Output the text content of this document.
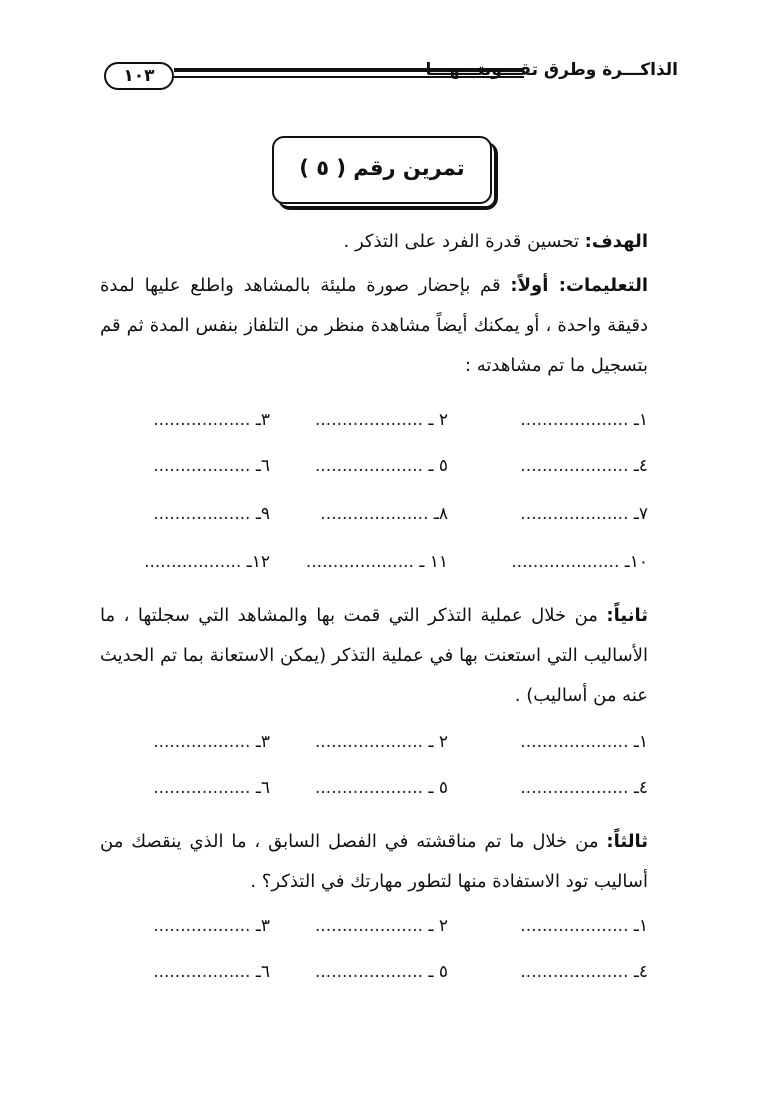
١٠٣	الذاكـــرة وطرق تقـــويتـــهـــا
تمرين رقم ( ٥ )
الهدف: تحسين قدرة الفرد على التذكر .
التعليمات: أولاً: قم بإحضار صورة مليئة بالمشاهد واطلع عليها لمدة دقيقة واحدة ، أو يمكنك أيضاً مشاهدة منظر من التلفاز بنفس المدة ثم قم بتسجيل ما تم مشاهدته :
١ـ ....................
٢ ـ ....................
٣ـ ..................
٤ـ ....................
٥ ـ ....................
٦ـ ..................
٧ـ ....................
٨ـ ....................
٩ـ ..................
١٠ـ ....................
١١ ـ ....................
١٢ـ ..................
ثانياً: من خلال عملية التذكر التي قمت بها والمشاهد التي سجلتها ، ما الأساليب التي استعنت بها في عملية التذكر (يمكن الاستعانة بما تم الحديث عنه من أساليب) .
١ـ ....................
٢ ـ ....................
٣ـ ..................
٤ـ ....................
٥ ـ ....................
٦ـ ..................
ثالثاً: من خلال ما تم مناقشته في الفصل السابق ، ما الذي ينقصك من أساليب تود الاستفادة منها لتطور مهارتك في التذكر؟ .
١ـ ....................
٢ ـ ....................
٣ـ ..................
٤ـ ....................
٥ ـ ....................
٦ـ ..................
